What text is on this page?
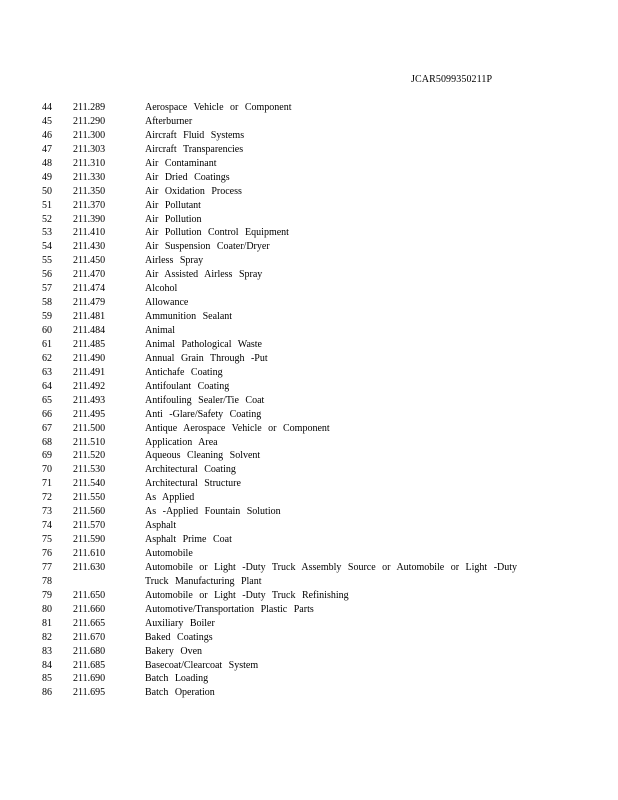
JCAR5099350211P
44 211.289	Aerospace Vehicle or Component
45 211.290	Afterburner
46 211.300	Aircraft Fluid Systems
47 211.303	Aircraft Transparencies
48 211.310	Air Contaminant
49 211.330	Air Dried Coatings
50 211.350	Air Oxidation Process
51 211.370	Air Pollutant
52 211.390	Air Pollution
53 211.410	Air Pollution Control Equipment
54 211.430	Air Suspension Coater/Dryer
55 211.450	Airless Spray
56 211.470	Air Assisted Airless Spray
57 211.474	Alcohol
58 211.479	Allowance
59 211.481	Ammunition Sealant
60 211.484	Animal
61 211.485	Animal Pathological Waste
62 211.490	Annual Grain Through -Put
63 211.491	Antichafe Coating
64 211.492	Antifoulant Coating
65 211.493	Antifouling Sealer/Tie Coat
66 211.495	Anti -Glare/Safety Coating
67 211.500	Antique Aerospace Vehicle or Component
68 211.510	Application Area
69 211.520	Aqueous Cleaning Solvent
70 211.530	Architectural Coating
71 211.540	Architectural Structure
72 211.550	As Applied
73 211.560	As -Applied Fountain Solution
74 211.570	Asphalt
75 211.590	Asphalt Prime Coat
76 211.610	Automobile
77 211.630	Automobile or Light -Duty Truck Assembly Source or Automobile or Light -Duty
78	Truck Manufacturing Plant
79 211.650	Automobile or Light -Duty Truck Refinishing
80 211.660	Automotive/Transportation Plastic Parts
81 211.665	Auxiliary Boiler
82 211.670	Baked Coatings
83 211.680	Bakery Oven
84 211.685	Basecoat/Clearcoat System
85 211.690	Batch Loading
86 211.695	Batch Operation
